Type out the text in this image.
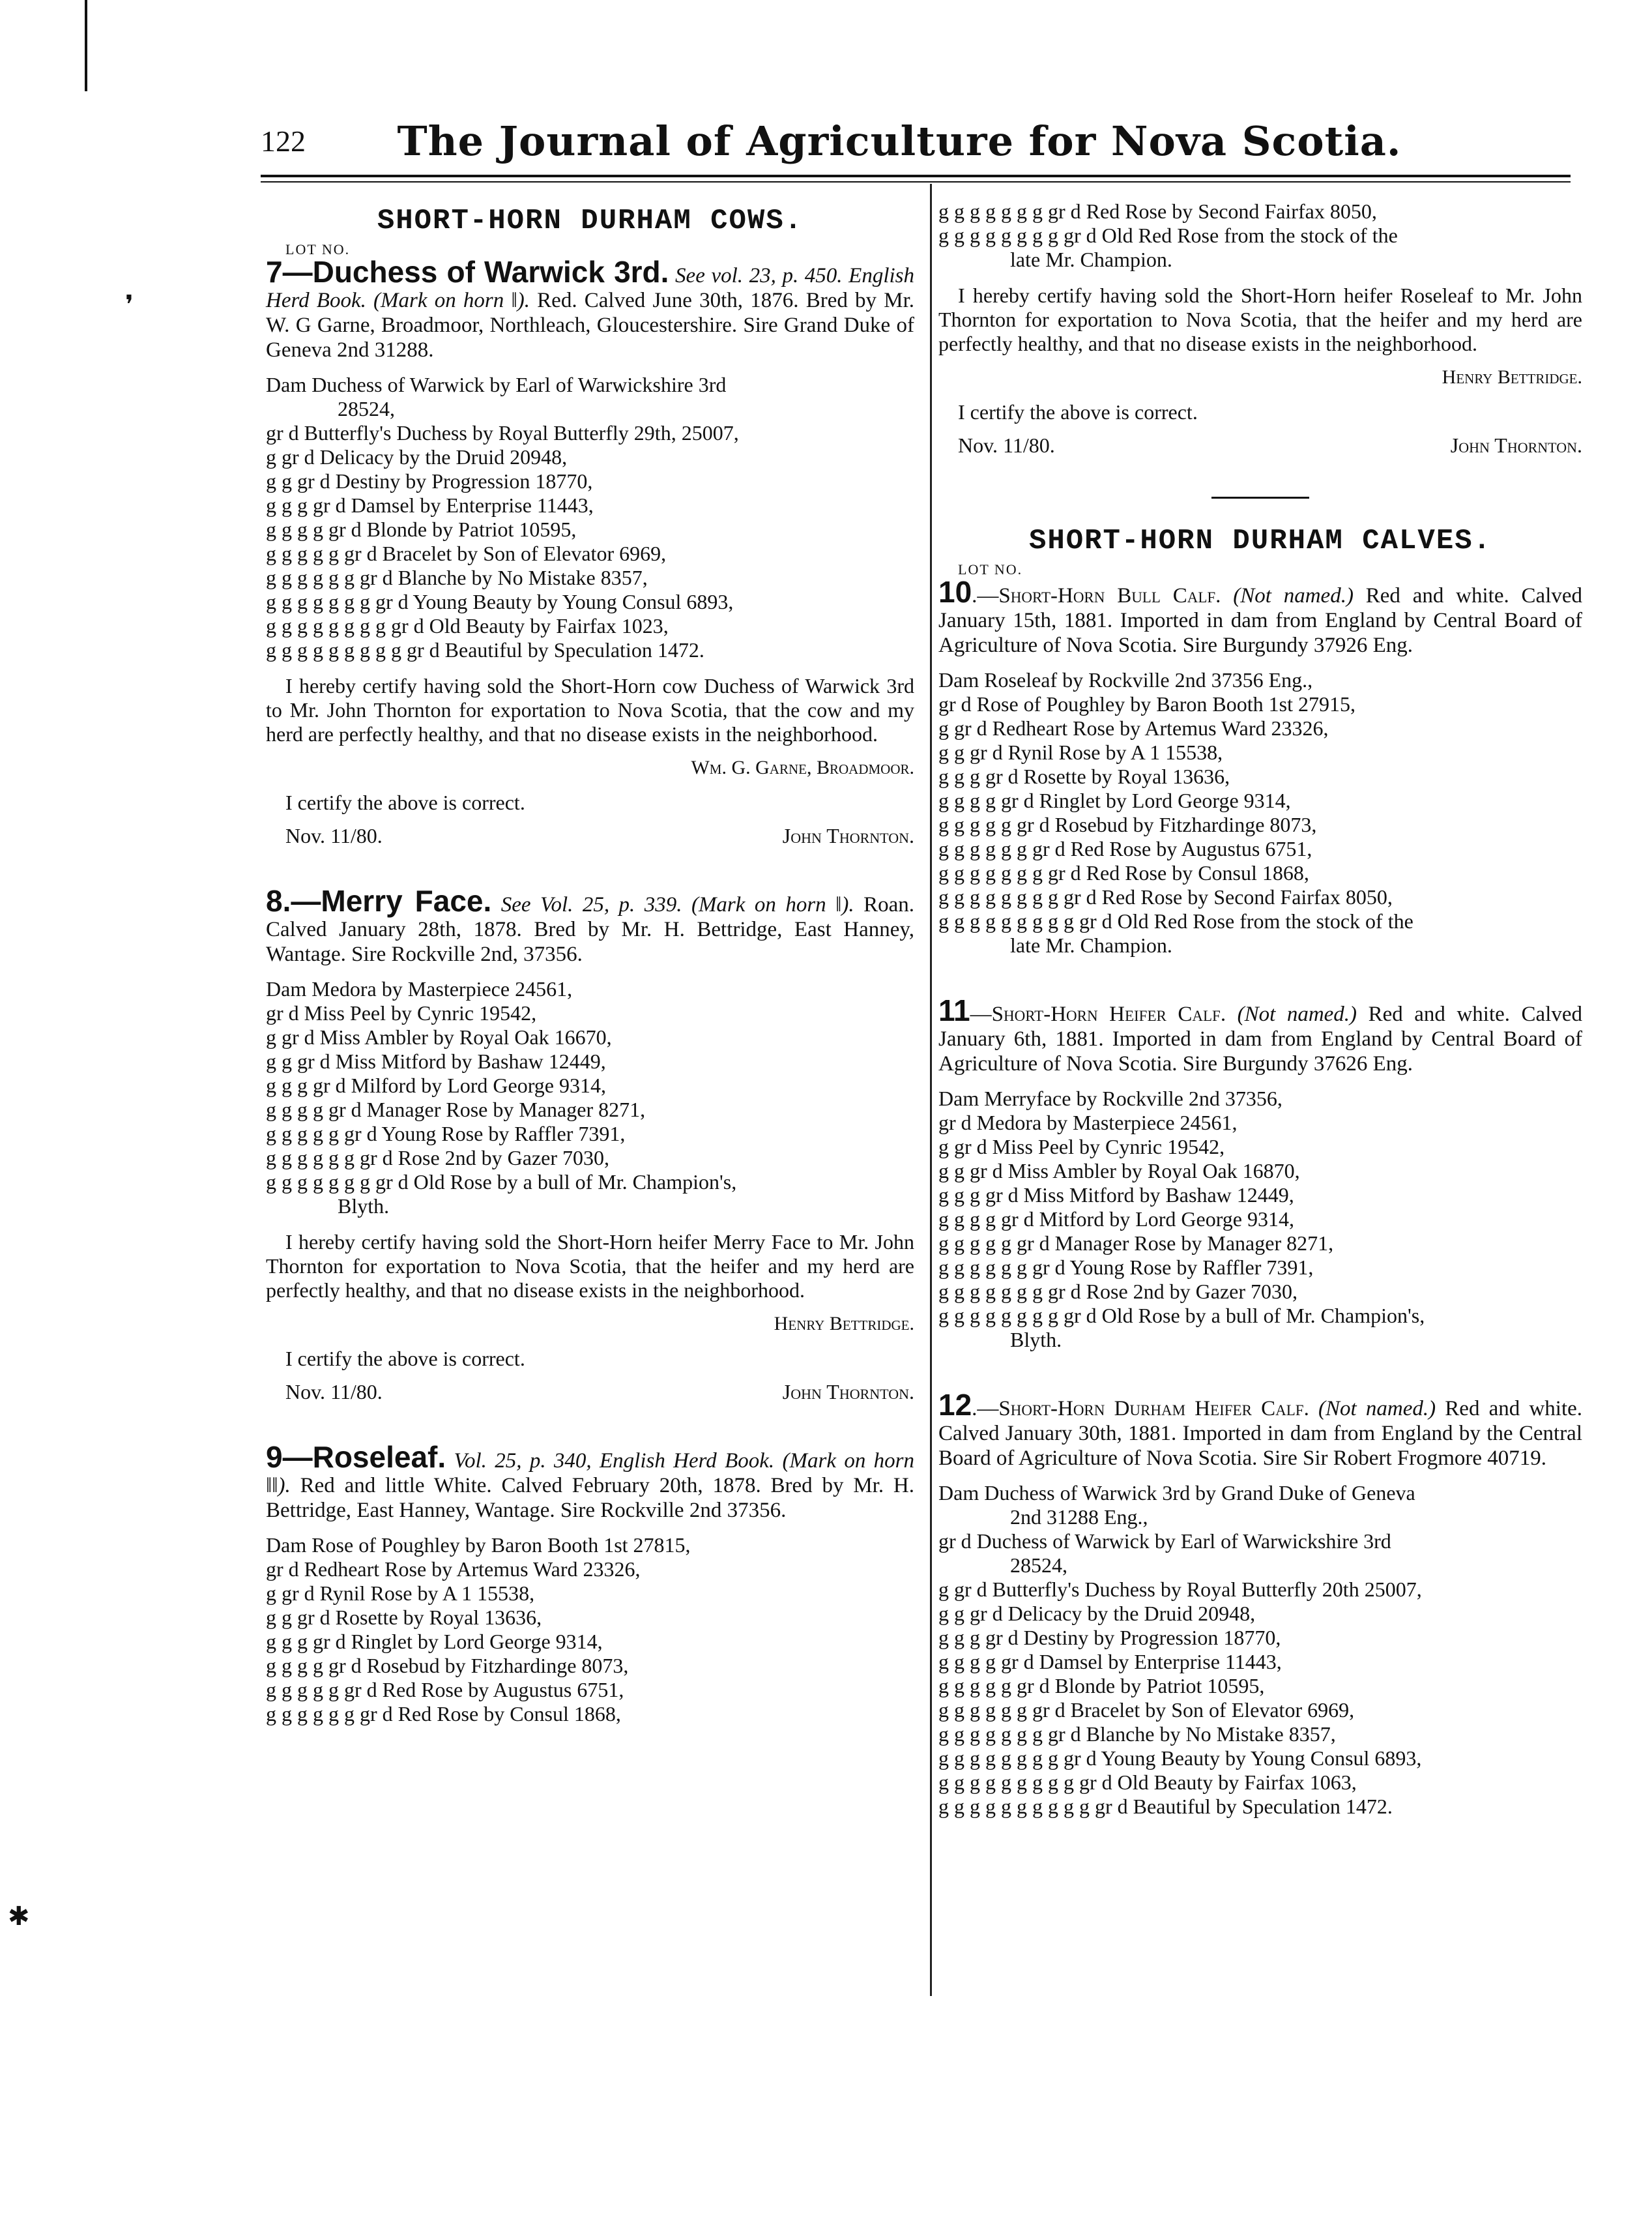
❜
✱
122	The Journal of Agriculture for Nova Scotia.
SHORT-HORN DURHAM COWS.
LOT NO.
7—Duchess of Warwick 3rd. See vol. 23, p. 450. English Herd Book. (Mark on horn ‖). Red. Calved June 30th, 1876. Bred by Mr. W. G Garne, Broadmoor, Northleach, Gloucestershire. Sire Grand Duke of Geneva 2nd 31288.
Dam Duchess of Warwick by Earl of Warwickshire 3rd
28524,
gr d Butterfly's Duchess by Royal Butterfly 29th, 25007,
g gr d Delicacy by the Druid 20948,
g g gr d Destiny by Progression 18770,
g g g gr d Damsel by Enterprise 11443,
g g g g gr d Blonde by Patriot 10595,
g g g g g gr d Bracelet by Son of Elevator 6969,
g g g g g g gr d Blanche by No Mistake 8357,
g g g g g g g gr d Young Beauty by Young Consul 6893,
g g g g g g g g gr d Old Beauty by Fairfax 1023,
g g g g g g g g g gr d Beautiful by Speculation 1472.
I hereby certify having sold the Short-Horn cow Duchess of Warwick 3rd to Mr. John Thornton for exportation to Nova Scotia, that the cow and my herd are perfectly healthy, and that no disease exists in the neighborhood.
Wm. G. Garne, Broadmoor.
I certify the above is correct.
Nov. 11/80.	John Thornton.
8.—Merry Face. See Vol. 25, p. 339. (Mark on horn ‖). Roan. Calved January 28th, 1878. Bred by Mr. H. Bettridge, East Hanney, Wantage. Sire Rockville 2nd, 37356.
Dam Medora by Masterpiece 24561,
gr d Miss Peel by Cynric 19542,
g gr d Miss Ambler by Royal Oak 16670,
g g gr d Miss Mitford by Bashaw 12449,
g g g gr d Milford by Lord George 9314,
g g g g gr d Manager Rose by Manager 8271,
g g g g g gr d Young Rose by Raffler 7391,
g g g g g g gr d Rose 2nd by Gazer 7030,
g g g g g g g gr d Old Rose by a bull of Mr. Champion's,
Blyth.
I hereby certify having sold the Short-Horn heifer Merry Face to Mr. John Thornton for exportation to Nova Scotia, that the heifer and my herd are perfectly healthy, and that no disease exists in the neighborhood.
Henry Bettridge.
I certify the above is correct.
Nov. 11/80.	John Thornton.
9—Roseleaf. Vol. 25, p. 340, English Herd Book. (Mark on horn ‖‖). Red and little White. Calved February 20th, 1878. Bred by Mr. H. Bettridge, East Hanney, Wantage. Sire Rockville 2nd 37356.
Dam Rose of Poughley by Baron Booth 1st 27815,
gr d Redheart Rose by Artemus Ward 23326,
g gr d Rynil Rose by A 1 15538,
g g gr d Rosette by Royal 13636,
g g g gr d Ringlet by Lord George 9314,
g g g g gr d Rosebud by Fitzhardinge 8073,
g g g g g gr d Red Rose by Augustus 6751,
g g g g g g gr d Red Rose by Consul 1868,
g g g g g g g gr d Red Rose by Second Fairfax 8050,
g g g g g g g g gr d Old Red Rose from the stock of the
late Mr. Champion.
I hereby certify having sold the Short-Horn heifer Roseleaf to Mr. John Thornton for exportation to Nova Scotia, that the heifer and my herd are perfectly healthy, and that no disease exists in the neighborhood.
Henry Bettridge.
I certify the above is correct.
Nov. 11/80.	John Thornton.
SHORT-HORN DURHAM CALVES.
LOT NO.
10.—Short-Horn Bull Calf. (Not named.) Red and white. Calved January 15th, 1881. Imported in dam from England by Central Board of Agriculture of Nova Scotia. Sire Burgundy 37926 Eng.
Dam Roseleaf by Rockville 2nd 37356 Eng.,
gr d Rose of Poughley by Baron Booth 1st 27915,
g gr d Redheart Rose by Artemus Ward 23326,
g g gr d Rynil Rose by A 1 15538,
g g g gr d Rosette by Royal 13636,
g g g g gr d Ringlet by Lord George 9314,
g g g g g gr d Rosebud by Fitzhardinge 8073,
g g g g g g gr d Red Rose by Augustus 6751,
g g g g g g g gr d Red Rose by Consul 1868,
g g g g g g g g gr d Red Rose by Second Fairfax 8050,
g g g g g g g g g gr d Old Red Rose from the stock of the
late Mr. Champion.
11—Short-Horn Heifer Calf. (Not named.) Red and white. Calved January 6th, 1881. Imported in dam from England by Central Board of Agriculture of Nova Scotia. Sire Burgundy 37626 Eng.
Dam Merryface by Rockville 2nd 37356,
gr d Medora by Masterpiece 24561,
g gr d Miss Peel by Cynric 19542,
g g gr d Miss Ambler by Royal Oak 16870,
g g g gr d Miss Mitford by Bashaw 12449,
g g g g gr d Mitford by Lord George 9314,
g g g g g gr d Manager Rose by Manager 8271,
g g g g g g gr d Young Rose by Raffler 7391,
g g g g g g g gr d Rose 2nd by Gazer 7030,
g g g g g g g g gr d Old Rose by a bull of Mr. Champion's,
Blyth.
12.—Short-Horn Durham Heifer Calf. (Not named.) Red and white. Calved January 30th, 1881. Imported in dam from England by the Central Board of Agriculture of Nova Scotia. Sire Sir Robert Frogmore 40719.
Dam Duchess of Warwick 3rd by Grand Duke of Geneva
2nd 31288 Eng.,
gr d Duchess of Warwick by Earl of Warwickshire 3rd
28524,
g gr d Butterfly's Duchess by Royal Butterfly 20th 25007,
g g gr d Delicacy by the Druid 20948,
g g g gr d Destiny by Progression 18770,
g g g g gr d Damsel by Enterprise 11443,
g g g g g gr d Blonde by Patriot 10595,
g g g g g g gr d Bracelet by Son of Elevator 6969,
g g g g g g g gr d Blanche by No Mistake 8357,
g g g g g g g g gr d Young Beauty by Young Consul 6893,
g g g g g g g g g gr d Old Beauty by Fairfax 1063,
g g g g g g g g g g gr d Beautiful by Speculation 1472.
